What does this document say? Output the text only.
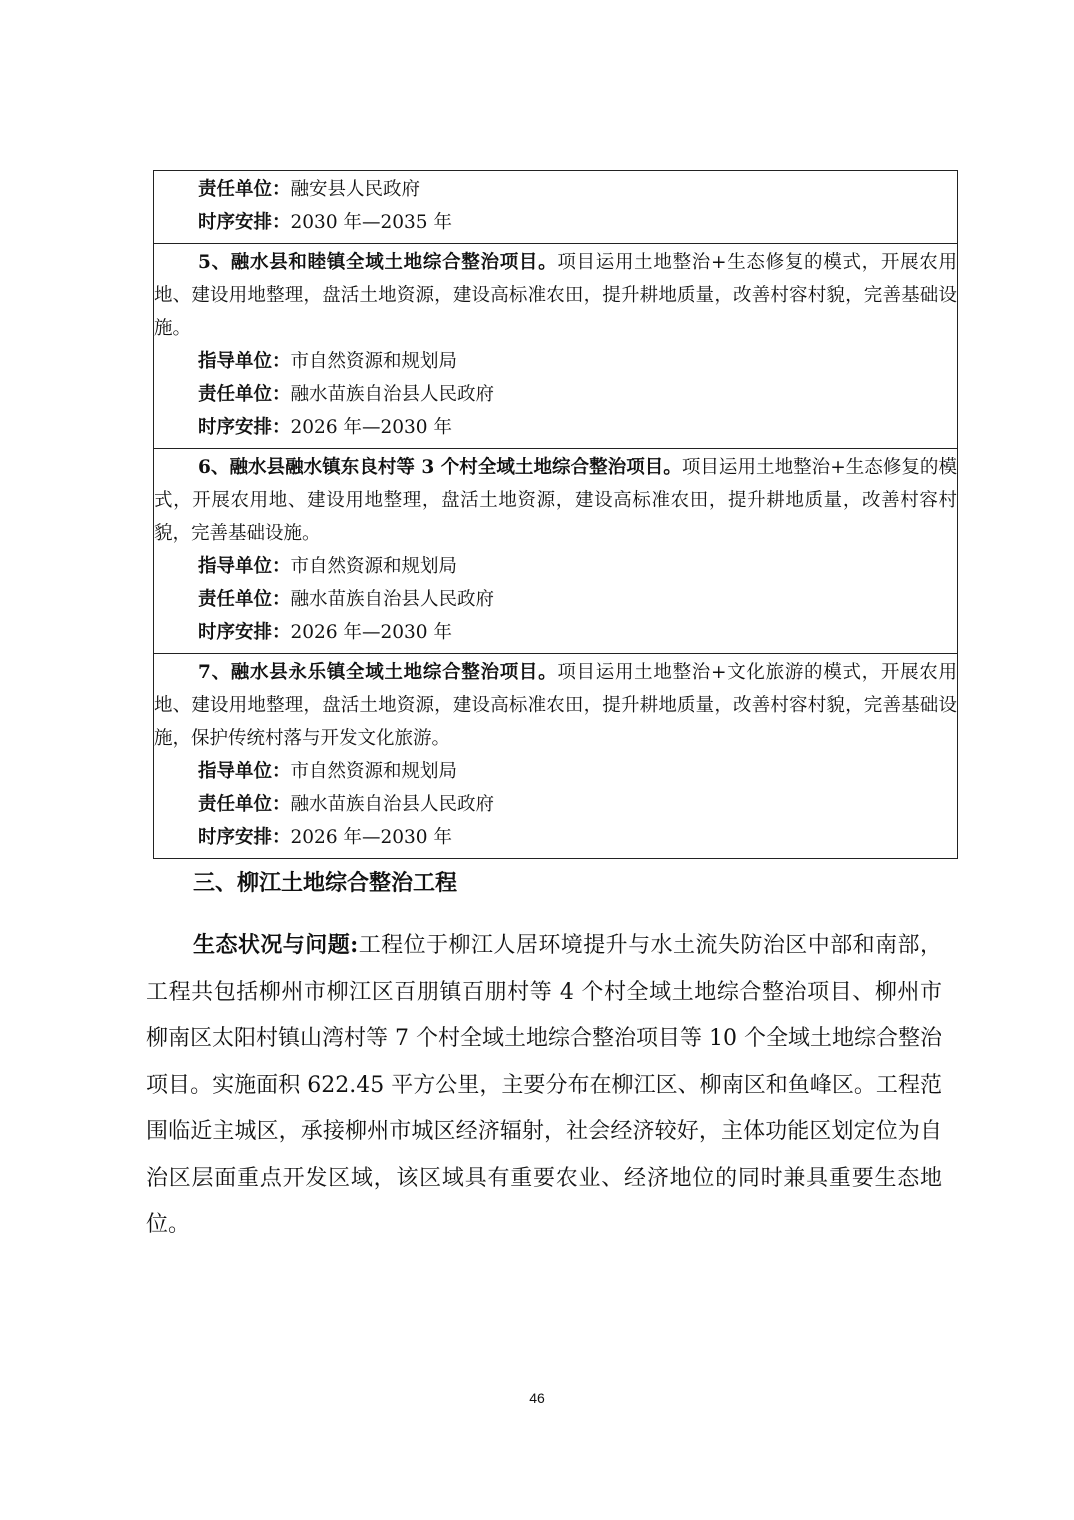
责任单位：融安县人民政府

时序安排：2030 年—2035 年

5、融水县和睦镇全域土地综合整治项目。项目运用土地整治+生态修复的模式，开展农用地、建设用地整理，盘活土地资源，建设高标准农田，提升耕地质量，改善村容村貌，完善基础设施。

指导单位：市自然资源和规划局

责任单位：融水苗族自治县人民政府

时序安排：2026 年—2030 年

6、融水县融水镇东良村等 3 个村全域土地综合整治项目。项目运用土地整治+生态修复的模式，开展农用地、建设用地整理，盘活土地资源，建设高标准农田，提升耕地质量，改善村容村貌，完善基础设施。

指导单位：市自然资源和规划局

责任单位：融水苗族自治县人民政府

时序安排：2026 年—2030 年

7、融水县永乐镇全域土地综合整治项目。项目运用土地整治+文化旅游的模式，开展农用地、建设用地整理，盘活土地资源，建设高标准农田，提升耕地质量，改善村容村貌，完善基础设施，保护传统村落与开发文化旅游。

指导单位：市自然资源和规划局

责任单位：融水苗族自治县人民政府

时序安排：2026 年—2030 年

三、柳江土地综合整治工程

生态状况与问题:工程位于柳江人居环境提升与水土流失防治区中部和南部，工程共包括柳州市柳江区百朋镇百朋村等 4 个村全域土地综合整治项目、柳州市柳南区太阳村镇山湾村等 7 个村全域土地综合整治项目等 10 个全域土地综合整治项目。实施面积 622.45 平方公里，主要分布在柳江区、柳南区和鱼峰区。工程范围临近主城区，承接柳州市城区经济辐射，社会经济较好，主体功能区划定位为自治区层面重点开发区域，该区域具有重要农业、经济地位的同时兼具重要生态地位。

46
